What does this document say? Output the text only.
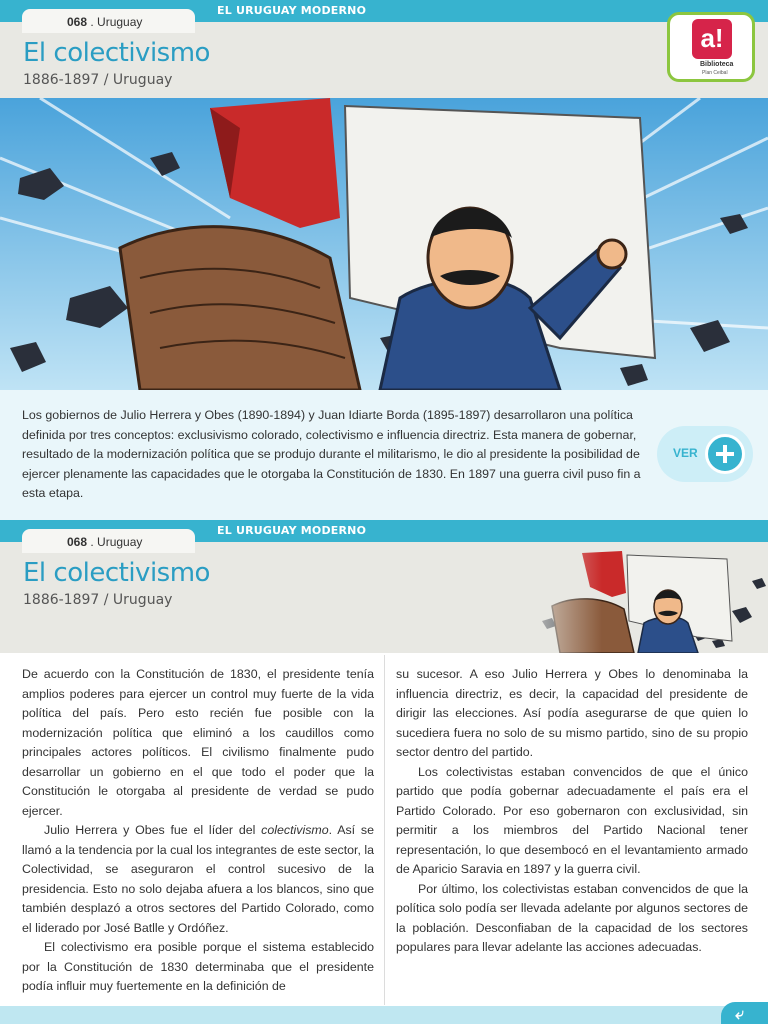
EL URUGUAY MODERNO
068 . Uruguay
El colectivismo
1886-1897 / Uruguay
a!
Biblioteca
Plan Ceibal

Los gobiernos de Julio Herrera y Obes (1890-1894) y Juan Idiarte Borda (1895-1897) desarrollaron una política definida por tres conceptos: exclusivismo colorado, colectivismo e influencia directriz. Esta manera de gobernar, resultado de la modernización política que se produjo durante el militarismo, le dio al presidente la posibilidad de ejercer plenamente las capacidades que le otorgaba la Constitución de 1830. En 1897 una guerra civil puso fin a esta etapa.

VER
EL URUGUAY MODERNO
068 . Uruguay
El colectivismo
1886-1897 / Uruguay

De acuerdo con la Constitución de 1830, el presidente tenía amplios poderes para ejercer un control muy fuerte de la vida política del país. Pero esto recién fue posible con la modernización política que eliminó a los caudillos como principales actores políticos. El civilismo finalmente pudo desarrollar un gobierno en el que todo el poder que la Constitución le otorgaba al presidente de verdad se pudo ejercer.

Julio Herrera y Obes fue el líder del colectivismo. Así se llamó a la tendencia por la cual los integrantes de este sector, la Colectividad, se aseguraron el control sucesivo de la presidencia. Esto no solo dejaba afuera a los blancos, sino que también desplazó a otros sectores del Partido Colorado, como el liderado por José Batlle y Ordóñez.

El colectivismo era posible porque el sistema establecido por la Constitución de 1830 determinaba que el presidente podía influir muy fuertemente en la definición de

su sucesor. A eso Julio Herrera y Obes lo denominaba la influencia directriz, es decir, la capacidad del presidente de dirigir las elecciones. Así podía asegurarse de que quien lo sucediera fuera no solo de su mismo partido, sino de su propio sector dentro del partido.

Los colectivistas estaban convencidos de que el único partido que podía gobernar adecuadamente el país era el Partido Colorado. Por eso gobernaron con exclusividad, sin permitir a los miembros del Partido Nacional tener representación, lo que desembocó en el levantamiento armado de Aparicio Saravia en 1897 y la guerra civil.

Por último, los colectivistas estaban convencidos de que la política solo podía ser llevada adelante por algunos sectores de la población. Desconfiaban de la capacidad de los sectores populares para llevar adelante las acciones adecuadas.

⤶
